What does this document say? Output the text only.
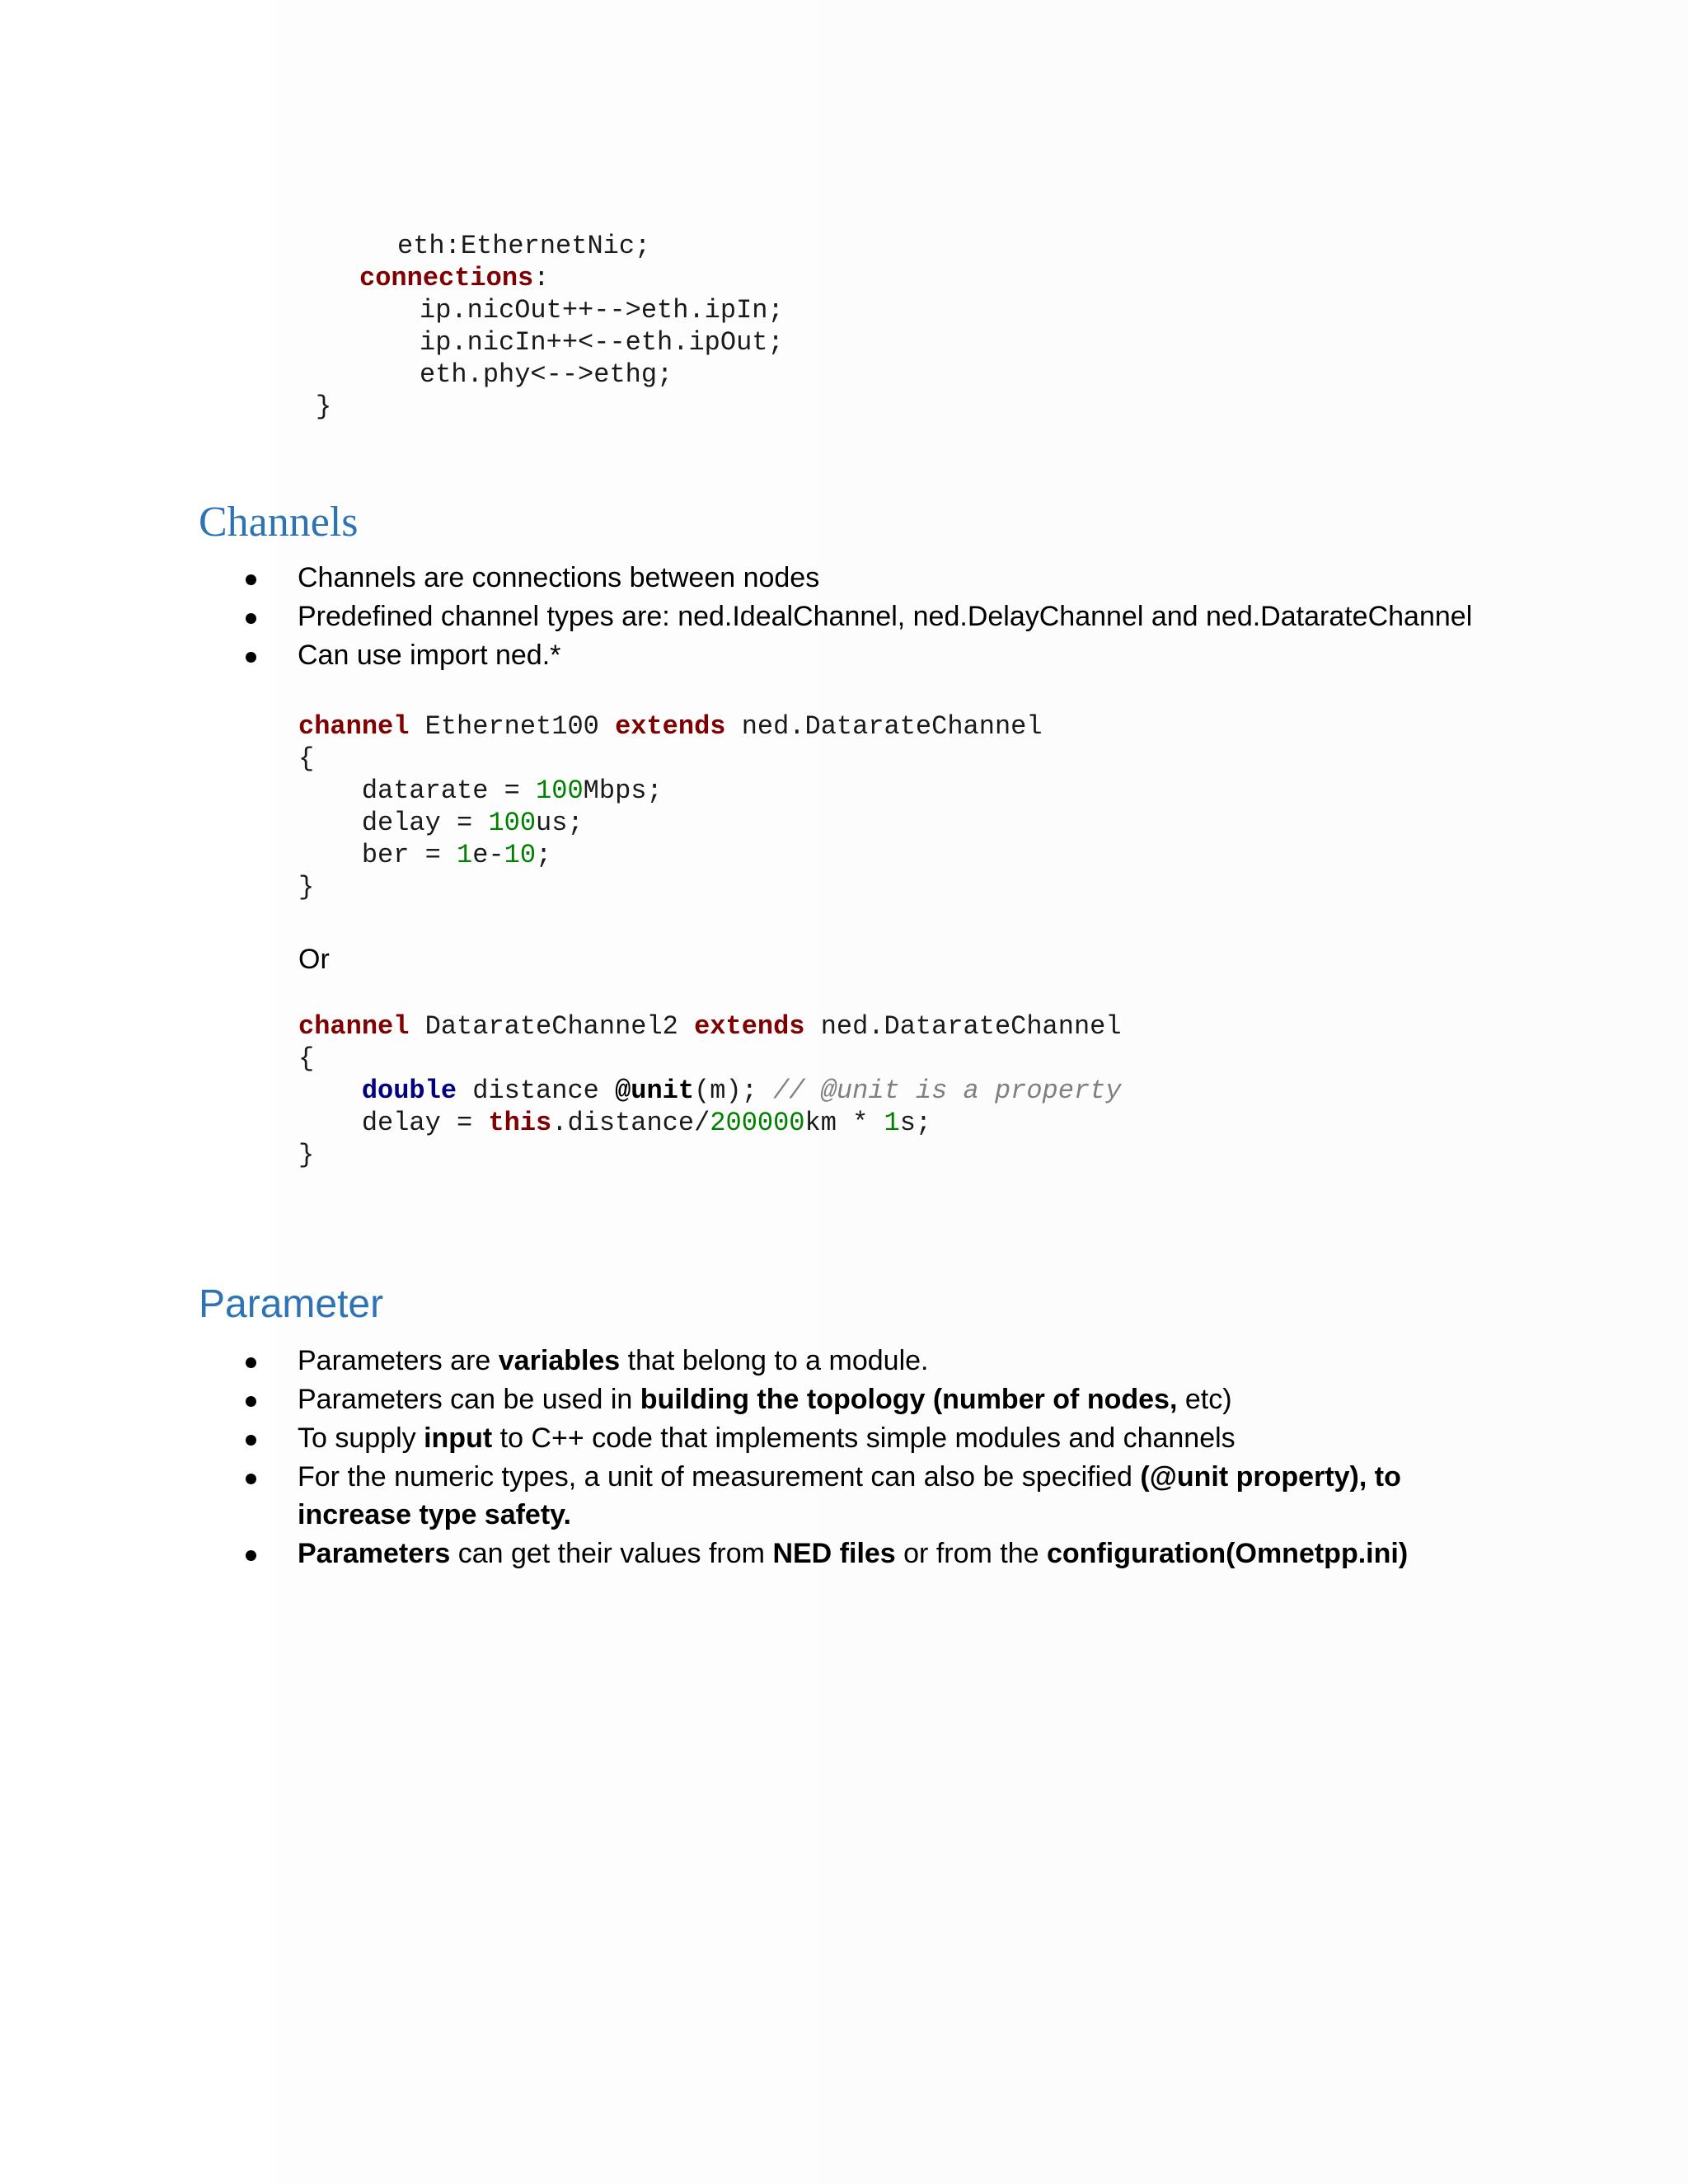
eth:EthernetNic;
connections:
ip.nicOut++-->eth.ipIn;
ip.nicIn++<--eth.ipOut;
eth.phy<-->ethg;
}
Channels
Channels are connections between nodes
Predefined channel types are: ned.IdealChannel, ned.DelayChannel and ned.DatarateChannel
Can use import ned.*
channel Ethernet100 extends ned.DatarateChannel
{
datarate = 100Mbps;
delay = 100us;
ber = 1e-10;
}
Or
channel DatarateChannel2 extends ned.DatarateChannel
{
double distance @unit(m); // @unit is a property
delay = this.distance/200000km * 1s;
}
Parameter
Parameters are variables that belong to a module.
Parameters can be used in building the topology (number of nodes, etc)
To supply input to C++ code that implements simple modules and channels
For the numeric types, a unit of measurement can also be specified (@unit property), to increase type safety.
Parameters can get their values from NED files or from the configuration(Omnetpp.ini)
